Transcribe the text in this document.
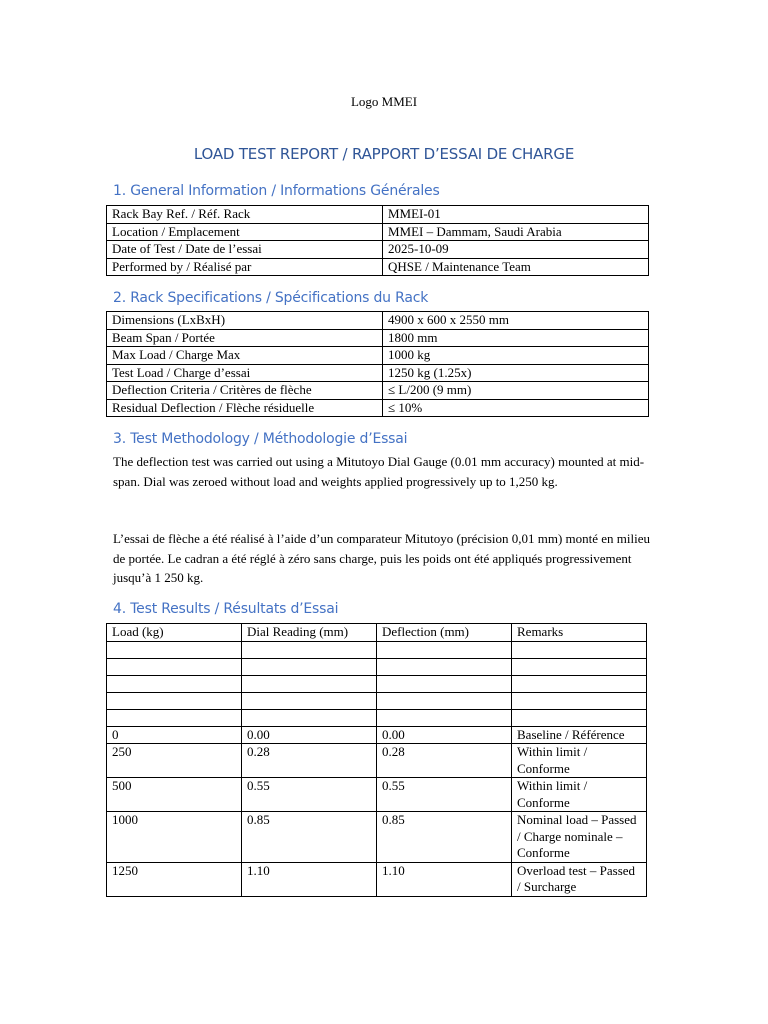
Logo MMEI
LOAD TEST REPORT / RAPPORT D’ESSAI DE CHARGE
1. General Information / Informations Générales
Rack Bay Ref. / Réf. Rack	MMEI-01
Location / Emplacement	MMEI – Dammam, Saudi Arabia
Date of Test / Date de l’essai	2025-10-09
Performed by / Réalisé par	QHSE / Maintenance Team
2. Rack Specifications / Spécifications du Rack
Dimensions (LxBxH)	4900 x 600 x 2550 mm
Beam Span / Portée	1800 mm
Max Load / Charge Max	1000 kg
Test Load / Charge d’essai	1250 kg (1.25x)
Deflection Criteria / Critères de flèche	≤ L/200 (9 mm)
Residual Deflection / Flèche résiduelle	≤ 10%
3. Test Methodology / Méthodologie d’Essai

The deflection test was carried out using a Mitutoyo Dial Gauge (0.01 mm accuracy) mounted at mid-span. Dial was zeroed without load and weights applied progressively up to 1,250 kg.

L’essai de flèche a été réalisé à l’aide d’un comparateur Mitutoyo (précision 0,01 mm) monté en milieu de portée. Le cadran a été réglé à zéro sans charge, puis les poids ont été appliqués progressivement jusqu’à 1 250 kg.

4. Test Results / Résultats d’Essai
Load (kg)	Dial Reading (mm)	Deflection (mm)	Remarks

0	0.00	0.00	Baseline / Référence
250	0.28	0.28	Within limit / Conforme
500	0.55	0.55	Within limit / Conforme
1000	0.85	0.85	Nominal load – Passed / Charge nominale – Conforme
1250	1.10	1.10	Overload test – Passed / Surcharge
